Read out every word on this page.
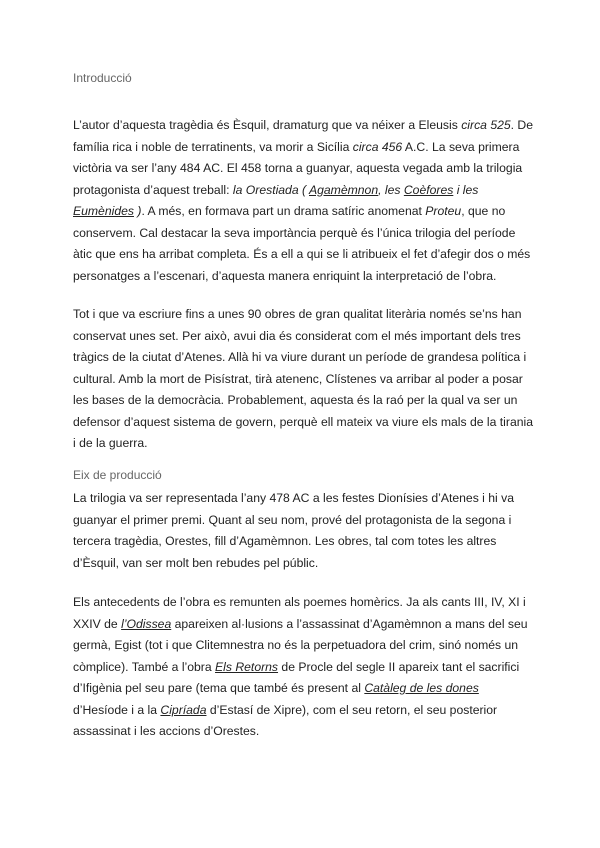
Introducció

L’autor d’aquesta tragèdia és Èsquil, dramaturg que va néixer a Eleusis circa 525. De família rica i noble de terratinents, va morir a Sicília circa 456 A.C. La seva primera victòria va ser l’any 484 AC. El 458 torna a guanyar, aquesta vegada amb la trilogia protagonista d’aquest treball: la Orestiada ( Agamèmnon, les Coèfores i les Eumènides ). A més, en formava part un drama satíric anomenat Proteu, que no conservem. Cal destacar la seva importància perquè és l’única trilogia del període àtic que ens ha arribat completa. És a ell a qui se li atribueix el fet d’afegir dos o més personatges a l’escenari, d’aquesta manera enriquint la interpretació de l’obra.

Tot i que va escriure fins a unes 90 obres de gran qualitat literària només se’ns han conservat unes set. Per això, avui dia és considerat com el més important dels tres tràgics de la ciutat d’Atenes. Allà hi va viure durant un període de grandesa política i cultural. Amb la mort de Pisístrat, tirà atenenc, Clístenes va arribar al poder a posar les bases de la democràcia. Probablement, aquesta és la raó per la qual va ser un defensor d’aquest sistema de govern, perquè ell mateix va viure els mals de la tirania i de la guerra.

Eix de producció

La trilogia va ser representada l’any 478 AC a les festes Dionísies d’Atenes i hi va guanyar el primer premi. Quant al seu nom, prové del protagonista de la segona i tercera tragèdia, Orestes, fill d’Agamèmnon. Les obres, tal com totes les altres d’Èsquil, van ser molt ben rebudes pel públic.

Els antecedents de l’obra es remunten als poemes homèrics. Ja als cants III, IV, XI i XXIV de l’Odissea apareixen al·lusions a l’assassinat d’Agamèmnon a mans del seu germà, Egist (tot i que Clitemnestra no és la perpetuadora del crim, sinó només un còmplice). També a l’obra Els Retorns de Procle del segle II apareix tant el sacrifici d’Ifigènia pel seu pare (tema que també és present al Catàleg de les dones d’Hesíode i a la Cipríada d’Estasí de Xipre), com el seu retorn, el seu posterior assassinat i les accions d’Orestes.
